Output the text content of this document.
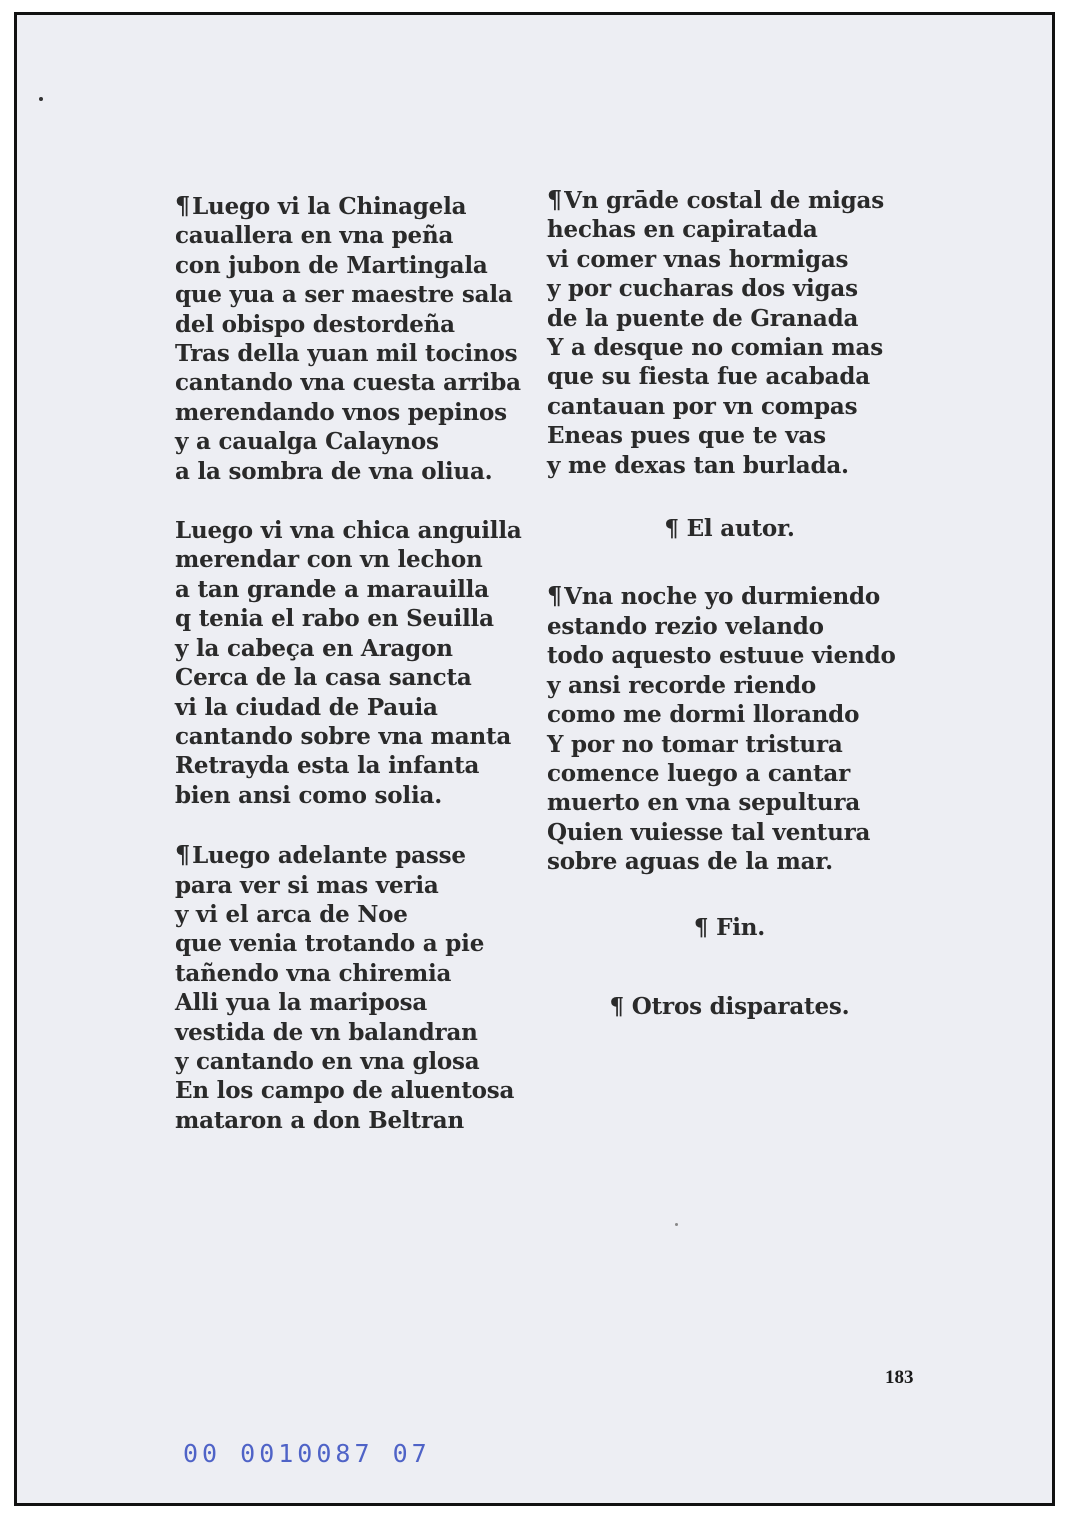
¶Luego vi la Chinagela
cauallera en vna peña
con jubon de Martingala
que yua a ser maestre sala
del obispo destordeña
Tras della yuan mil tocinos
cantando vna cuesta arriba
merendando vnos pepinos
y a caualga Calaynos
a la sombra de vna oliua.
Luego vi vna chica anguilla
merendar con vn lechon
a tan grande a marauilla
q tenia el rabo en Seuilla
y la cabeça en Aragon
Cerca de la casa sancta
vi la ciudad de Pauia
cantando sobre vna manta
Retrayda esta la infanta
bien ansi como solia.
¶Luego adelante passe
para ver si mas veria
y vi el arca de Noe
que venia trotando a pie
tañendo vna chiremia
Alli yua la mariposa
vestida de vn balandran
y cantando en vna glosa
En los campo de aluentosa
mataron a don Beltran
¶Vn grāde costal de migas
hechas en capiratada
vi comer vnas hormigas
y por cucharas dos vigas
de la puente de Granada
Y a desque no comian mas
que su fiesta fue acabada
cantauan por vn compas
Eneas pues que te vas
y me dexas tan burlada.
¶ El autor.
¶Vna noche yo durmiendo
estando rezio velando
todo aquesto estuue viendo
y ansi recorde riendo
como me dormi llorando
Y por no tomar tristura
comence luego a cantar
muerto en vna sepultura
Quien vuiesse tal ventura
sobre aguas de la mar.
¶ Fin.
¶ Otros disparates.
183
00 0010087 07
